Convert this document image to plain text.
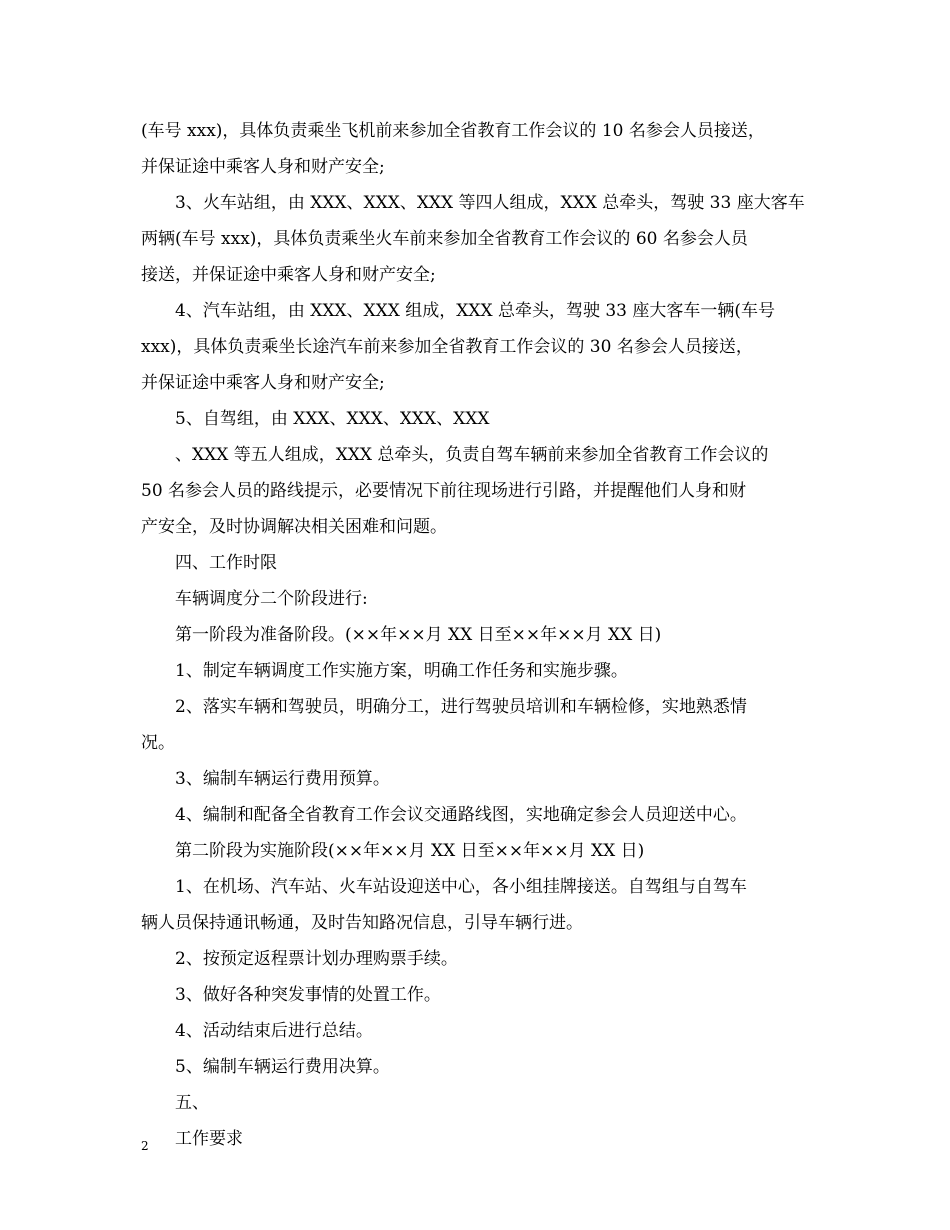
(车号 xxx)，具体负责乘坐飞机前来参加全省教育工作会议的 10 名参会人员接送，
并保证途中乘客人身和财产安全;
3、火车站组，由 XXX、XXX、XXX 等四人组成，XXX 总牵头，驾驶 33 座大客车
两辆(车号 xxx)，具体负责乘坐火车前来参加全省教育工作会议的 60 名参会人员
接送，并保证途中乘客人身和财产安全;
4、汽车站组，由 XXX、XXX 组成，XXX 总牵头，驾驶 33 座大客车一辆(车号
xxx)，具体负责乘坐长途汽车前来参加全省教育工作会议的 30 名参会人员接送，
并保证途中乘客人身和财产安全;
5、自驾组，由 XXX、XXX、XXX、XXX
、XXX 等五人组成，XXX 总牵头，负责自驾车辆前来参加全省教育工作会议的
50 名参会人员的路线提示，必要情况下前往现场进行引路，并提醒他们人身和财
产安全，及时协调解决相关困难和问题。
四、工作时限
车辆调度分二个阶段进行:
第一阶段为准备阶段。(××年××月 XX 日至××年××月 XX 日)
1、制定车辆调度工作实施方案，明确工作任务和实施步骤。
2、落实车辆和驾驶员，明确分工，进行驾驶员培训和车辆检修，实地熟悉情
况。
3、编制车辆运行费用预算。
4、编制和配备全省教育工作会议交通路线图，实地确定参会人员迎送中心。
第二阶段为实施阶段(××年××月 XX 日至××年××月 XX 日)
1、在机场、汽车站、火车站设迎送中心，各小组挂牌接送。自驾组与自驾车
辆人员保持通讯畅通，及时告知路况信息，引导车辆行进。
2、按预定返程票计划办理购票手续。
3、做好各种突发事情的处置工作。
4、活动结束后进行总结。
5、编制车辆运行费用决算。
五、
工作要求
2
